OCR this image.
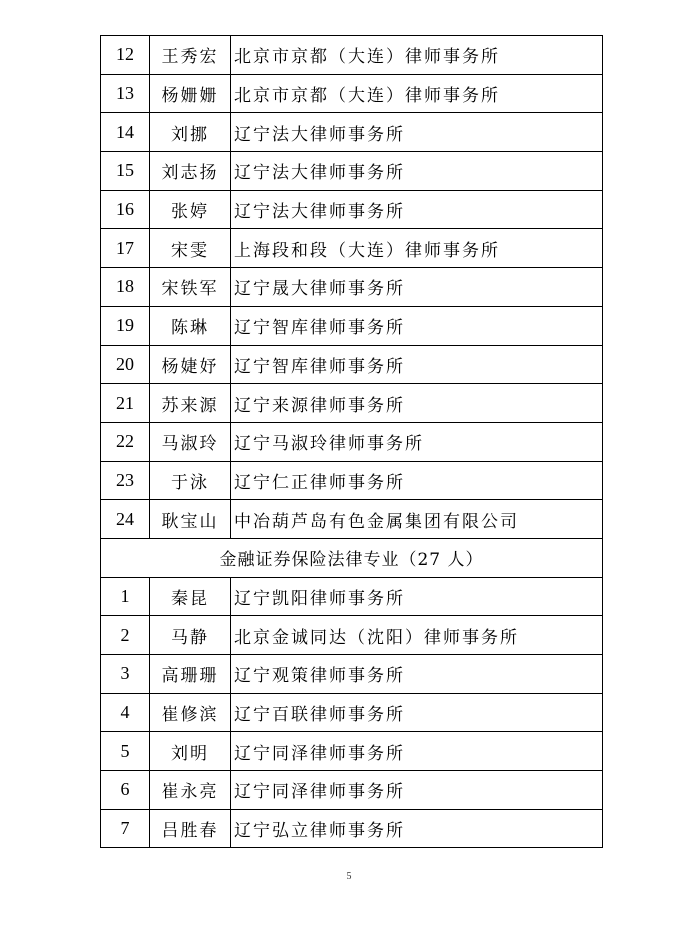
12	王秀宏	北京市京都（大连）律师事务所
13	杨姗姗	北京市京都（大连）律师事务所
14	刘挪	辽宁法大律师事务所
15	刘志扬	辽宁法大律师事务所
16	张婷	辽宁法大律师事务所
17	宋雯	上海段和段（大连）律师事务所
18	宋铁军	辽宁晟大律师事务所
19	陈琳	辽宁智库律师事务所
20	杨婕妤	辽宁智库律师事务所
21	苏来源	辽宁来源律师事务所
22	马淑玲	辽宁马淑玲律师事务所
23	于泳	辽宁仁正律师事务所
24	耿宝山	中冶葫芦岛有色金属集团有限公司
金融证券保险法律专业（27 人）		
1	秦昆	辽宁凯阳律师事务所
2	马静	北京金诚同达（沈阳）律师事务所
3	高珊珊	辽宁观策律师事务所
4	崔修滨	辽宁百联律师事务所
5	刘明	辽宁同泽律师事务所
6	崔永亮	辽宁同泽律师事务所
7	吕胜春	辽宁弘立律师事务所
5
